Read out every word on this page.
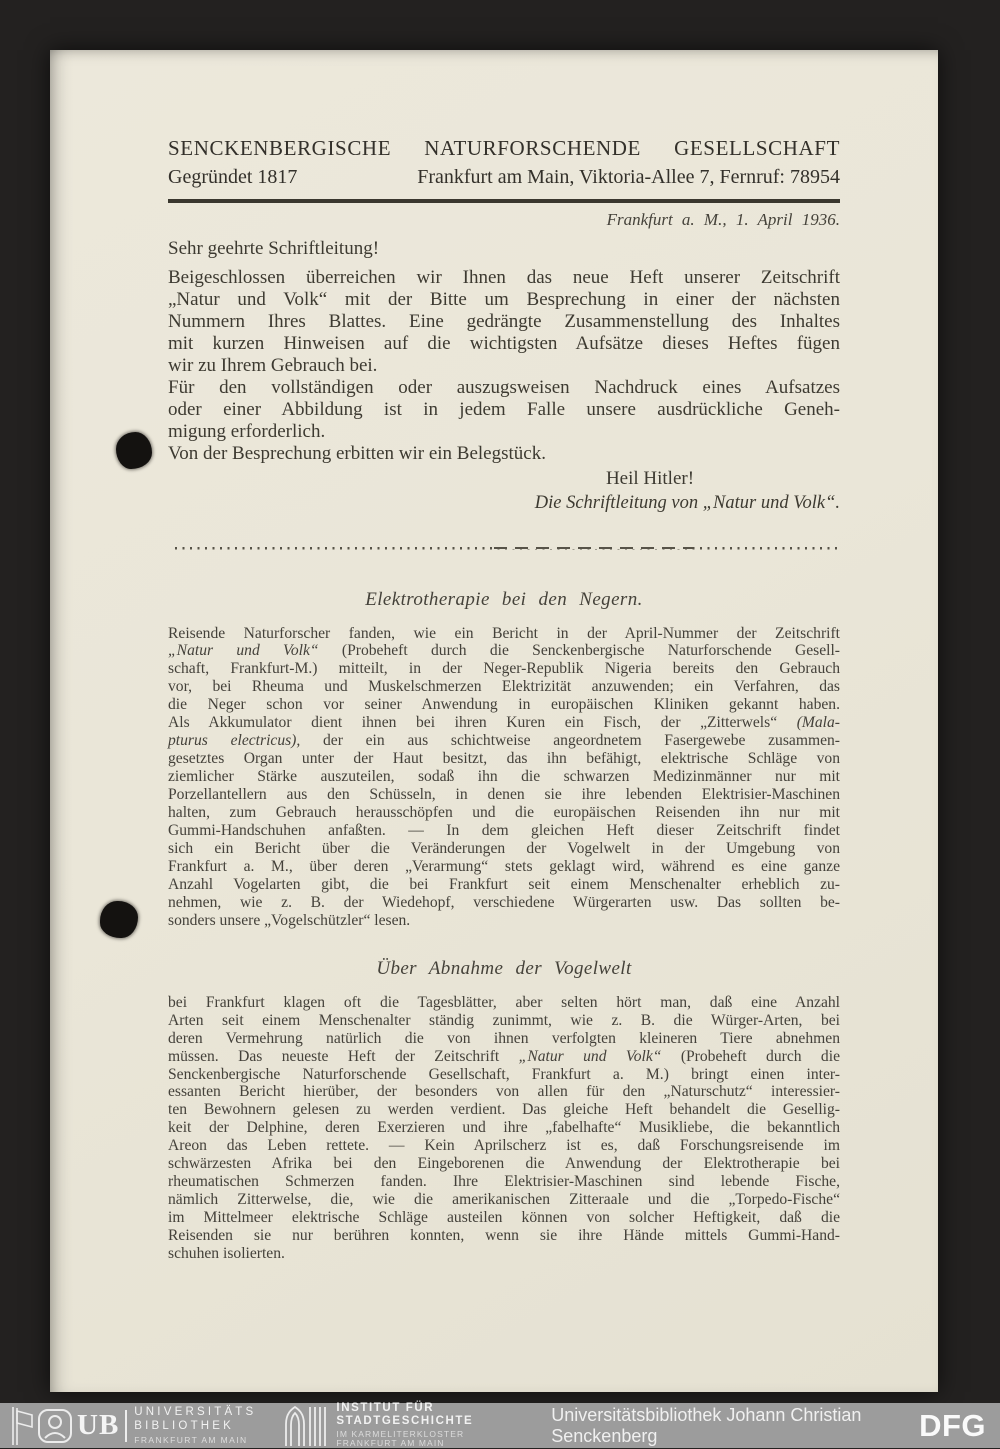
SENCKENBERGISCHE NATURFORSCHENDE GESELLSCHAFT
Gegründet 1817	Frankfurt am Main, Viktoria-Allee 7, Fernruf: 78954
Frankfurt a. M., 1. April 1936.
Sehr geehrte Schriftleitung!
Beigeschlossen überreichen wir Ihnen das neue Heft unserer Zeitschrift
„Natur und Volk“ mit der Bitte um Besprechung in einer der nächsten
Nummern Ihres Blattes. Eine gedrängte Zusammenstellung des Inhaltes
mit kurzen Hinweisen auf die wichtigsten Aufsätze dieses Heftes fügen
wir zu Ihrem Gebrauch bei.
Für den vollständigen oder auszugsweisen Nachdruck eines Aufsatzes
oder einer Abbildung ist in jedem Falle unsere ausdrückliche Geneh-
migung erforderlich.
Von der Besprechung erbitten wir ein Belegstück.
Heil Hitler!
Die Schriftleitung von „Natur und Volk“.
Elektrotherapie bei den Negern.
Reisende Naturforscher fanden, wie ein Bericht in der April-Nummer der Zeitschrift
„Natur und Volk“ (Probeheft durch die Senckenbergische Naturforschende Gesell-
schaft, Frankfurt-M.) mitteilt, in der Neger-Republik Nigeria bereits den Gebrauch
vor, bei Rheuma und Muskelschmerzen Elektrizität anzuwenden; ein Verfahren, das
die Neger schon vor seiner Anwendung in europäischen Kliniken gekannt haben.
Als Akkumulator dient ihnen bei ihren Kuren ein Fisch, der „Zitterwels“ (Mala-
pturus electricus), der ein aus schichtweise angeordnetem Fasergewebe zusammen-
gesetztes Organ unter der Haut besitzt, das ihn befähigt, elektrische Schläge von
ziemlicher Stärke auszuteilen, sodaß ihn die schwarzen Medizinmänner nur mit
Porzellantellern aus den Schüsseln, in denen sie ihre lebenden Elektrisier-Maschinen
halten, zum Gebrauch herausschöpfen und die europäischen Reisenden ihn nur mit
Gummi-Handschuhen anfaßten. — In dem gleichen Heft dieser Zeitschrift findet
sich ein Bericht über die Veränderungen der Vogelwelt in der Umgebung von
Frankfurt a. M., über deren „Verarmung“ stets geklagt wird, während es eine ganze
Anzahl Vogelarten gibt, die bei Frankfurt seit einem Menschenalter erheblich zu-
nehmen, wie z. B. der Wiedehopf, verschiedene Würgerarten usw. Das sollten be-
sonders unsere „Vogelschützler“ lesen.
Über Abnahme der Vogelwelt
bei Frankfurt klagen oft die Tagesblätter, aber selten hört man, daß eine Anzahl
Arten seit einem Menschenalter ständig zunimmt, wie z. B. die Würger-Arten, bei
deren Vermehrung natürlich die von ihnen verfolgten kleineren Tiere abnehmen
müssen. Das neueste Heft der Zeitschrift „Natur und Volk“ (Probeheft durch die
Senckenbergische Naturforschende Gesellschaft, Frankfurt a. M.) bringt einen inter-
essanten Bericht hierüber, der besonders von allen für den „Naturschutz“ interessier-
ten Bewohnern gelesen zu werden verdient. Das gleiche Heft behandelt die Gesellig-
keit der Delphine, deren Exerzieren und ihre „fabelhafte“ Musikliebe, die bekanntlich
Areon das Leben rettete. — Kein Aprilscherz ist es, daß Forschungsreisende im
schwärzesten Afrika bei den Eingeborenen die Anwendung der Elektrotherapie bei
rheumatischen Schmerzen fanden. Ihre Elektrisier-Maschinen sind lebende Fische,
nämlich Zitterwelse, die, wie die amerikanischen Zitteraale und die „Torpedo-Fische“
im Mittelmeer elektrische Schläge austeilen können von solcher Heftigkeit, daß die
Reisenden sie nur berühren konnten, wenn sie ihre Hände mittels Gummi-Hand-
schuhen isolierten.
UB UNIVERSITÄTS
BIBLIOTHEK
FRANKFURT AM MAIN
INSTITUT FÜR
STADTGESCHICHTE
IM KARMELITERKLOSTER
FRANKFURT AM MAIN
Universitätsbibliothek Johann Christian Senckenberg	DFG
